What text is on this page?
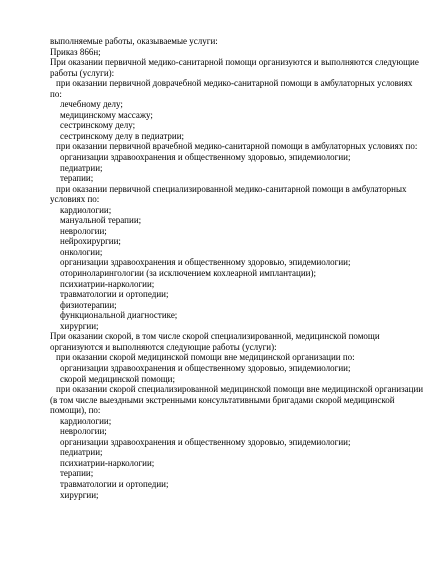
выполняемые работы, оказываемые услуги:
Приказ 866н;
При оказании первичной медико-санитарной помощи организуются и выполняются следующие
работы (услуги):
при оказании первичной доврачебной медико-санитарной помощи в амбулаторных условиях
по:
лечебному делу;
медицинскому массажу;
сестринскому делу;
сестринскому делу в педиатрии;
при оказании первичной врачебной медико-санитарной помощи в амбулаторных условиях по:
организации здравоохранения и общественному здоровью, эпидемиологии;
педиатрии;
терапии;
при оказании первичной специализированной медико-санитарной помощи в амбулаторных
условиях по:
кардиологии;
мануальной терапии;
неврологии;
нейрохирургии;
онкологии;
организации здравоохранения и общественному здоровью, эпидемиологии;
оториноларингологии (за исключением кохлеарной имплантации);
психиатрии-наркологии;
травматологии и ортопедии;
физиотерапии;
функциональной диагностике;
хирургии;
При оказании скорой, в том числе скорой специализированной, медицинской помощи
организуются и выполняются следующие работы (услуги):
при оказании скорой медицинской помощи вне медицинской организации по:
организации здравоохранения и общественному здоровью, эпидемиологии;
скорой медицинской помощи;
при оказании скорой специализированной медицинской помощи вне медицинской организации
(в том числе выездными экстренными консультативными бригадами скорой медицинской
помощи), по:
кардиологии;
неврологии;
организации здравоохранения и общественному здоровью, эпидемиологии;
педиатрии;
психиатрии-наркологии;
терапии;
травматологии и ортопедии;
хирургии;
